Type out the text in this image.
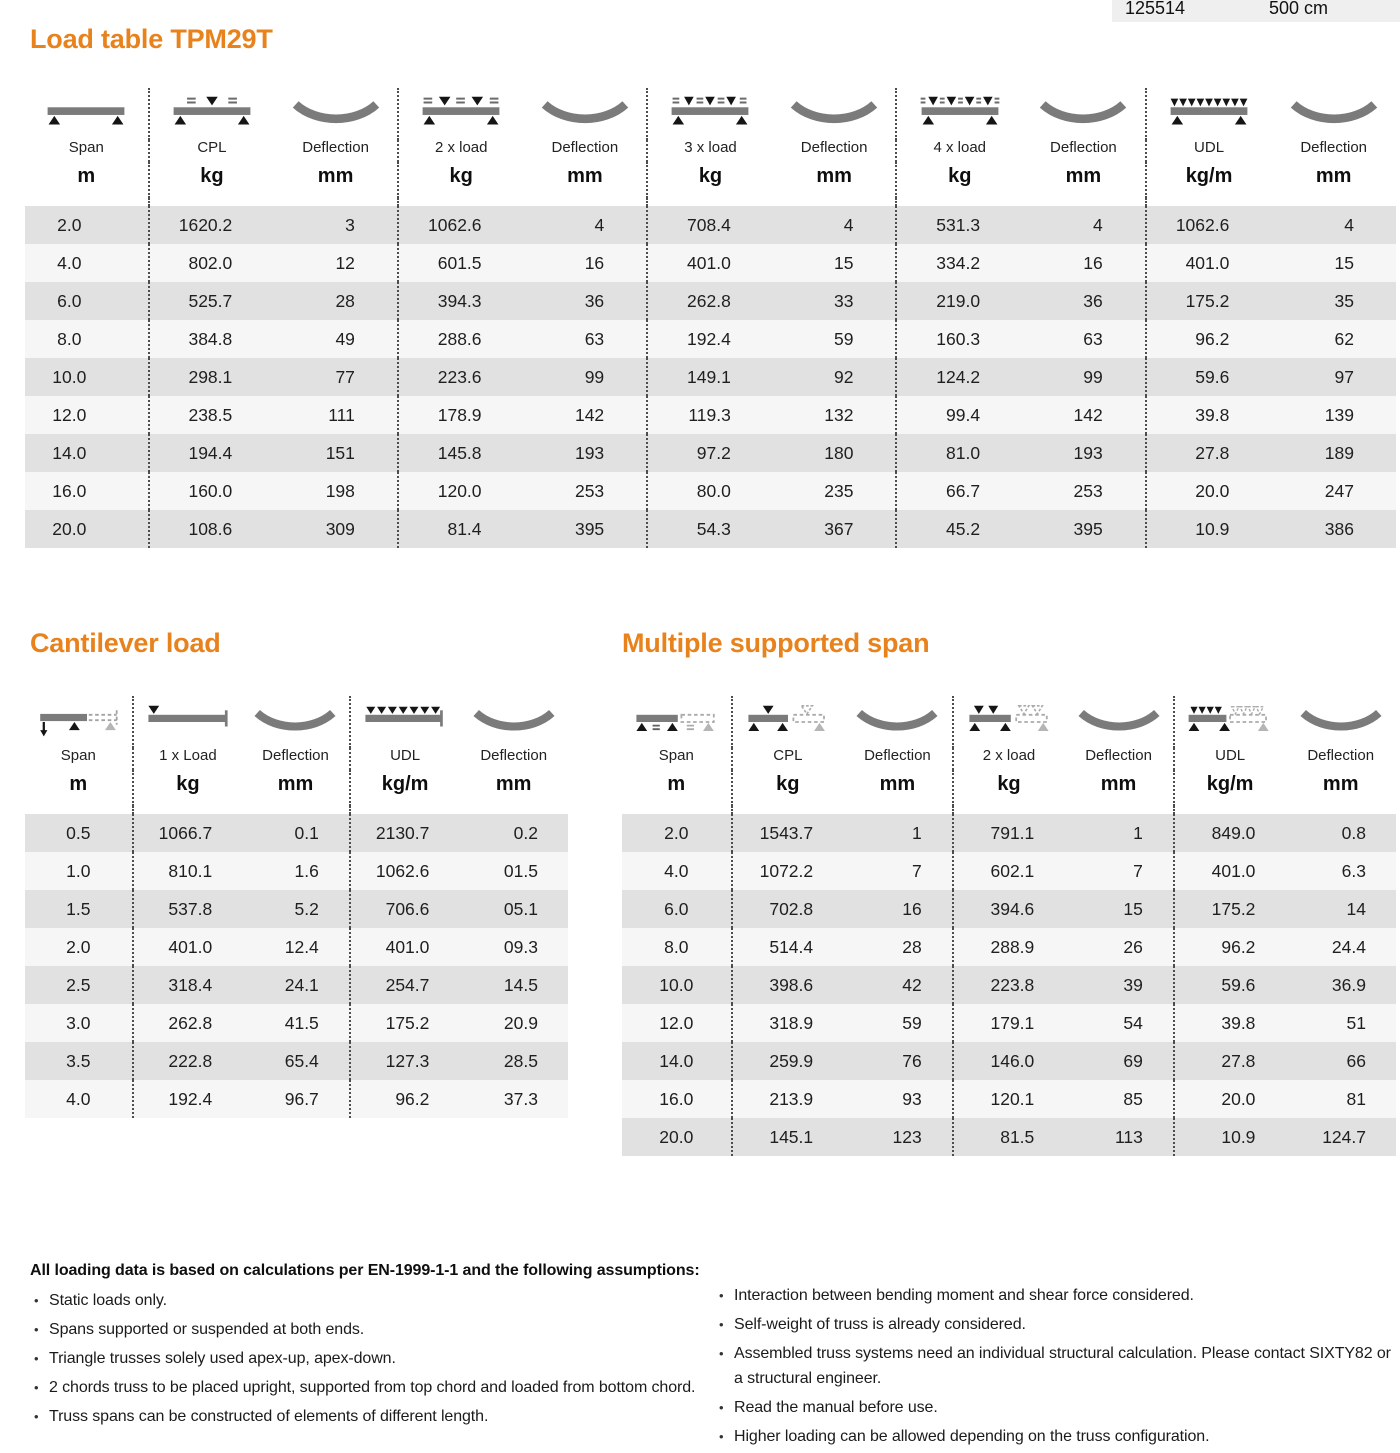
125514	500 cm
Load table TPM29T
Cantilever load	Multiple supported span
Span	CPL	Deflection	2 x load	Deflection	3 x load	Deflection	4 x load	Deflection	UDL	Deflection
m	kg	mm	kg	mm	kg	mm	kg	mm	kg/m	mm
2.0	1620.2	3	1062.6	4	708.4	4	531.3	4	1062.6	4
4.0	802.0	12	601.5	16	401.0	15	334.2	16	401.0	15
6.0	525.7	28	394.3	36	262.8	33	219.0	36	175.2	35
8.0	384.8	49	288.6	63	192.4	59	160.3	63	96.2	62
10.0	298.1	77	223.6	99	149.1	92	124.2	99	59.6	97
12.0	238.5	111	178.9	142	119.3	132	99.4	142	39.8	139
14.0	194.4	151	145.8	193	97.2	180	81.0	193	27.8	189
16.0	160.0	198	120.0	253	80.0	235	66.7	253	20.0	247
20.0	108.6	309	81.4	395	54.3	367	45.2	395	10.9	386
Span	1 x Load	Deflection	UDL	Deflection
m	kg	mm	kg/m	mm
0.5	1066.7	0.1	2130.7	0.2
1.0	810.1	1.6	1062.6	01.5
1.5	537.8	5.2	706.6	05.1
2.0	401.0	12.4	401.0	09.3
2.5	318.4	24.1	254.7	14.5
3.0	262.8	41.5	175.2	20.9
3.5	222.8	65.4	127.3	28.5
4.0	192.4	96.7	96.2	37.3
Span	CPL	Deflection	2 x load	Deflection	UDL	Deflection
m	kg	mm	kg	mm	kg/m	mm
2.0	1543.7	1	791.1	1	849.0	0.8
4.0	1072.2	7	602.1	7	401.0	6.3
6.0	702.8	16	394.6	15	175.2	14
8.0	514.4	28	288.9	26	96.2	24.4
10.0	398.6	42	223.8	39	59.6	36.9
12.0	318.9	59	179.1	54	39.8	51
14.0	259.9	76	146.0	69	27.8	66
16.0	213.9	93	120.1	85	20.0	81
20.0	145.1	123	81.5	113	10.9	124.7
All loading data is based on calculations per EN-1999-1-1 and the following assumptions:
• Static loads only.
• Spans supported or suspended at both ends.
• Triangle trusses solely used apex-up, apex-down.
• 2 chords truss to be placed upright, supported from top chord and loaded from bottom chord.
• Truss spans can be constructed of elements of different length.
• Interaction between bending moment and shear force considered.
• Self-weight of truss is already considered.
• Assembled truss systems need an individual structural calculation. Please contact SIXTY82 or a structural engineer.
• Read the manual before use.
• Higher loading can be allowed depending on the truss configuration.
